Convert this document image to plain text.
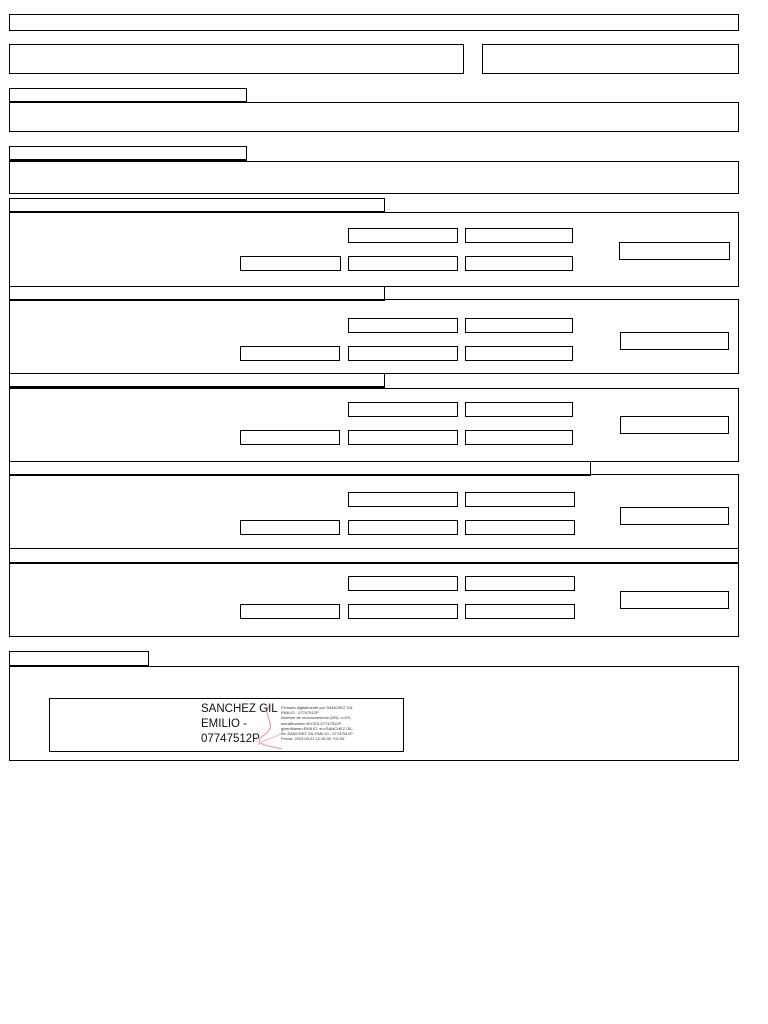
SANCHEZ GIL
EMILIO -
07747512P
Firmado digitalmente por SANCHEZ GIL
EMILIO - 07747512P
Nombre de reconocimiento (DN): c=ES,
serialNumber=IDCES-07747512P,
givenName=EMILIO, sn=SANCHEZ GIL,
cn=SANCHEZ GIL EMILIO - 07747512P
Fecha: 2023.03.01 12:18:32 +01'00'
